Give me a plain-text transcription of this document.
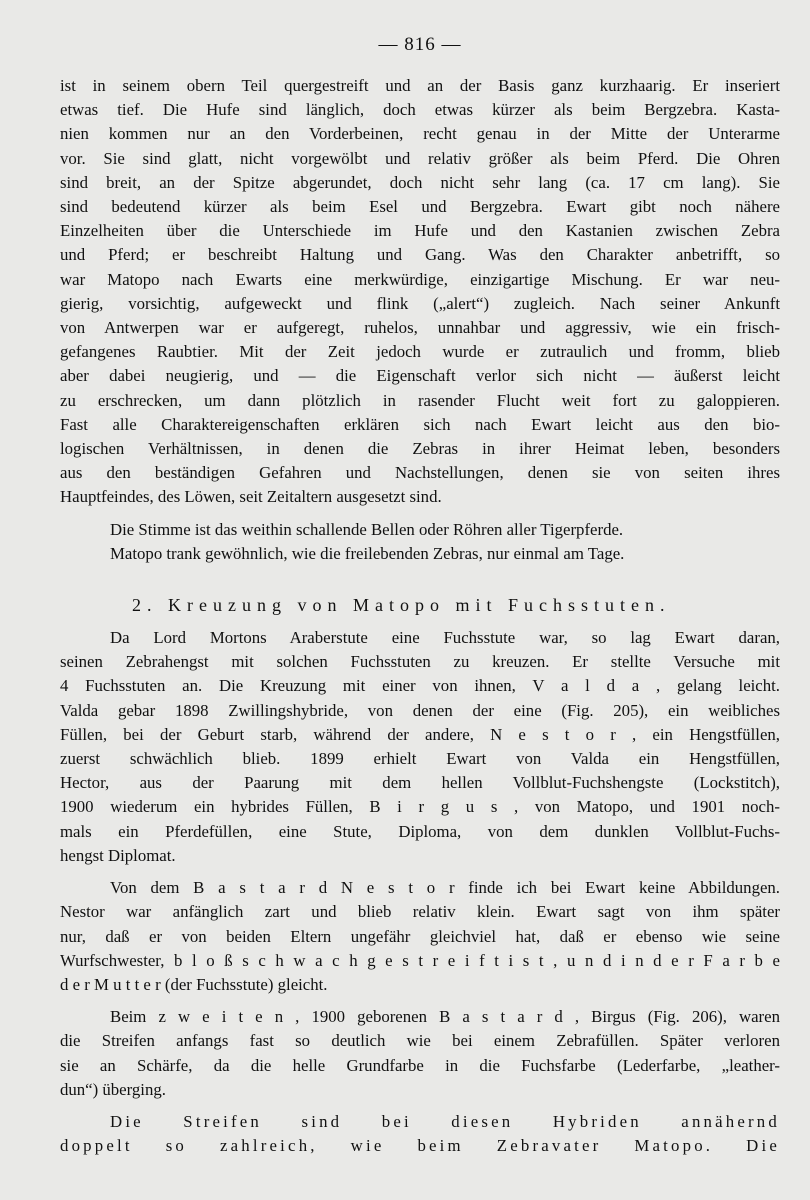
— 816 —

ist in seinem obern Teil quergestreift und an der Basis ganz kurzhaarig. Er inseriert

etwas tief. Die Hufe sind länglich, doch etwas kürzer als beim Bergzebra. Kasta-

nien kommen nur an den Vorderbeinen, recht genau in der Mitte der Unterarme

vor. Sie sind glatt, nicht vorgewölbt und relativ größer als beim Pferd. Die Ohren

sind breit, an der Spitze abgerundet, doch nicht sehr lang (ca. 17 cm lang). Sie

sind bedeutend kürzer als beim Esel und Bergzebra. Ewart gibt noch nähere

Einzelheiten über die Unterschiede im Hufe und den Kastanien zwischen Zebra

und Pferd; er beschreibt Haltung und Gang. Was den Charakter anbetrifft, so

war Matopo nach Ewarts eine merkwürdige, einzigartige Mischung. Er war neu-

gierig, vorsichtig, aufgeweckt und flink („alert“) zugleich. Nach seiner Ankunft

von Antwerpen war er aufgeregt, ruhelos, unnahbar und aggressiv, wie ein frisch-

gefangenes Raubtier. Mit der Zeit jedoch wurde er zutraulich und fromm, blieb

aber dabei neugierig, und — die Eigenschaft verlor sich nicht — äußerst leicht

zu erschrecken, um dann plötzlich in rasender Flucht weit fort zu galoppieren.

Fast alle Charaktereigenschaften erklären sich nach Ewart leicht aus den bio-

logischen Verhältnissen, in denen die Zebras in ihrer Heimat leben, besonders

aus den beständigen Gefahren und Nachstellungen, denen sie von seiten ihres

Hauptfeindes, des Löwen, seit Zeitaltern ausgesetzt sind.

Die Stimme ist das weithin schallende Bellen oder Röhren aller Tigerpferde.

Matopo trank gewöhnlich, wie die freilebenden Zebras, nur einmal am Tage.

2. Kreuzung von Matopo mit Fuchsstuten.

Da Lord Mortons Araberstute eine Fuchsstute war, so lag Ewart daran,

seinen Zebrahengst mit solchen Fuchsstuten zu kreuzen. Er stellte Versuche mit

4 Fuchsstuten an. Die Kreuzung mit einer von ihnen, V a l d a , gelang leicht.

Valda gebar 1898 Zwillingshybride, von denen der eine (Fig. 205), ein weibliches

Füllen, bei der Geburt starb, während der andere, N e s t o r , ein Hengstfüllen,

zuerst schwächlich blieb. 1899 erhielt Ewart von Valda ein Hengstfüllen,

Hector, aus der Paarung mit dem hellen Vollblut-Fuchshengste (Lockstitch),

1900 wiederum ein hybrides Füllen, B i r g u s , von Matopo, und 1901 noch-

mals ein Pferdefüllen, eine Stute, Diploma, von dem dunklen Vollblut-Fuchs-

hengst Diplomat.

Von dem B a s t a r d N e s t o r finde ich bei Ewart keine Abbildungen.

Nestor war anfänglich zart und blieb relativ klein. Ewart sagt von ihm später

nur, daß er von beiden Eltern ungefähr gleichviel hat, daß er ebenso wie seine

Wurfschwester, b l o ß s c h w a c h g e s t r e i f t i s t , u n d i n d e r F a r b e

d e r M u t t e r (der Fuchsstute) gleicht.

Beim z w e i t e n , 1900 geborenen B a s t a r d , Birgus (Fig. 206), waren

die Streifen anfangs fast so deutlich wie bei einem Zebrafüllen. Später verloren

sie an Schärfe, da die helle Grundfarbe in die Fuchsfarbe (Lederfarbe, „leather-

dun“) überging.

Die Streifen sind bei diesen Hybriden annähernd

doppelt so zahlreich, wie beim Zebravater Matopo. Die
